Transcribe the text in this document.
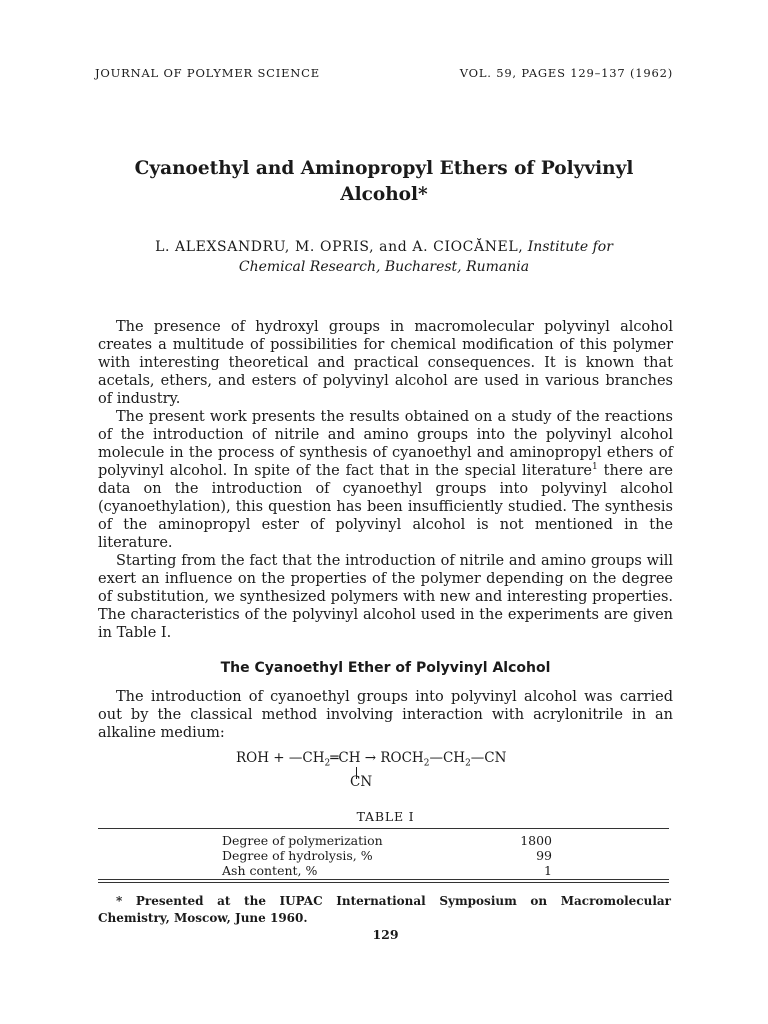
JOURNAL OF POLYMER SCIENCE	VOL. 59, PAGES 129–137 (1962)
Cyanoethyl and Aminopropyl Ethers of Polyvinyl
Alcohol*
L. ALEXSANDRU, M. OPRIS, and A. CIOCĂNEL, Institute for
Chemical Research, Bucharest, Rumania

The presence of hydroxyl groups in macromolecular polyvinyl alcohol creates a multitude of possibilities for chemical modification of this polymer with interesting theoretical and practical consequences. It is known that acetals, ethers, and esters of polyvinyl alcohol are used in various branches of industry.

The present work presents the results obtained on a study of the reactions of the introduction of nitrile and amino groups into the polyvinyl alcohol molecule in the process of synthesis of cyanoethyl and aminopropyl ethers of polyvinyl alcohol. In spite of the fact that in the special literature$^1$ there are data on the introduction of cyanoethyl groups into polyvinyl alcohol (cyanoethylation), this question has been insufficiently studied. The synthesis of the aminopropyl ester of polyvinyl alcohol is not mentioned in the literature.

Starting from the fact that the introduction of nitrile and amino groups will exert an influence on the properties of the polymer depending on the degree of substitution, we synthesized polymers with new and interesting properties. The characteristics of the polyvinyl alcohol used in the experiments are given in Table I.

The Cyanoethyl Ether of Polyvinyl Alcohol

The introduction of cyanoethyl groups into polyvinyl alcohol was carried out by the classical method involving interaction with acrylonitrile in an alkaline medium:

ROH + $—CH_2═CH$ → $ROCH_2—CH_2—CN$
CN
TABLE I
Degree of polymerization	1800
Degree of hydrolysis, %	99
Ash content, %	1

* Presented at the IUPAC International Symposium on Macromolecular Chemistry, Moscow, June 1960.

129
